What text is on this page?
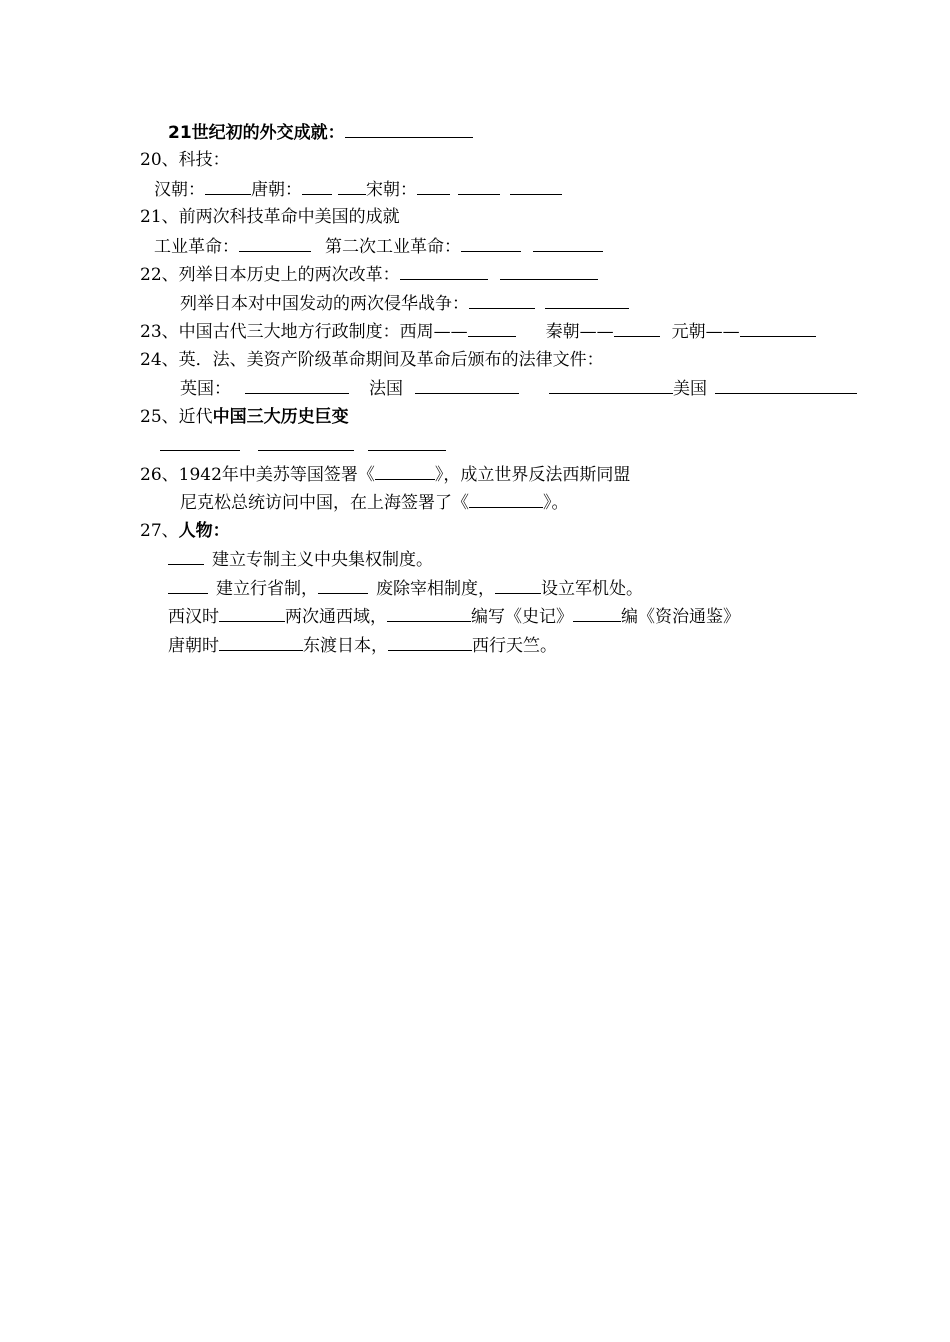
21世纪初的外交成就：
20、科技：
汉朝：	唐朝：	宋朝：
21、前两次科技革命中美国的成就
工业革命：	第二次工业革命：
22、列举日本历史上的两次改革：
列举日本对中国发动的两次侵华战争：
23、中国古代三大地方行政制度：西周——	秦朝——	元朝——
24、英．法、美资产阶级革命期间及革命后颁布的法律文件：
英国：	法国	美国
25、近代中国三大历史巨变
26、1942年中美苏等国签署《	》，成立世界反法西斯同盟
尼克松总统访问中国，在上海签署了《	》。
27、人物：
建立专制主义中央集权制度。
建立行省制，	废除宰相制度，	设立军机处。
西汉时	两次通西域，	编写《史记》	编《资治通鉴》
唐朝时	东渡日本，	西行天竺。
